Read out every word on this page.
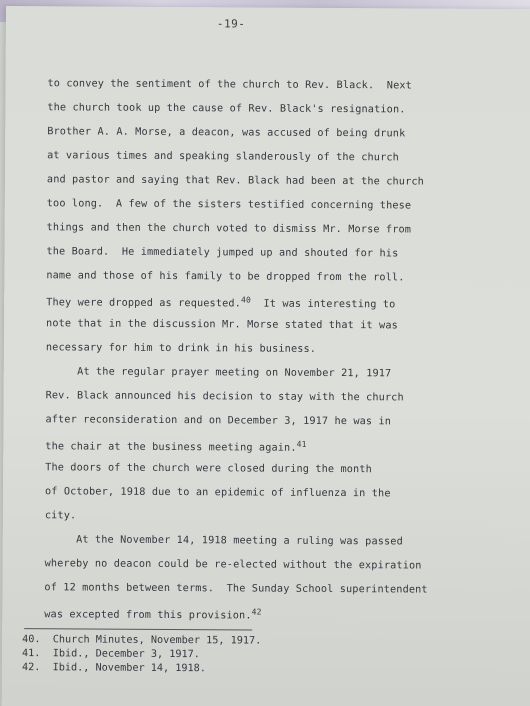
-19-
to convey the sentiment of the church to Rev. Black.  Next
the church took up the cause of Rev. Black's resignation.
Brother A. A. Morse, a deacon, was accused of being drunk
at various times and speaking slanderously of the church
and pastor and saying that Rev. Black had been at the church
too long.  A few of the sisters testified concerning these
things and then the church voted to dismiss Mr. Morse from
the Board.  He immediately jumped up and shouted for his
name and those of his family to be dropped from the roll.
They were dropped as requested.$^{40}$  It was interesting to
note that in the discussion Mr. Morse stated that it was
necessary for him to drink in his business.
At the regular prayer meeting on November 21, 1917
Rev. Black announced his decision to stay with the church
after reconsideration and on December 3, 1917 he was in
the chair at the business meeting again.$^{41}$
The doors of the church were closed during the month
of October, 1918 due to an epidemic of influenza in the
city.
At the November 14, 1918 meeting a ruling was passed
whereby no deacon could be re-elected without the expiration
of 12 months between terms.  The Sunday School superintendent
was excepted from this provision.$^{42}$
40.  Church Minutes, November 15, 1917.
41.  Ibid., December 3, 1917.
42.  Ibid., November 14, 1918.
